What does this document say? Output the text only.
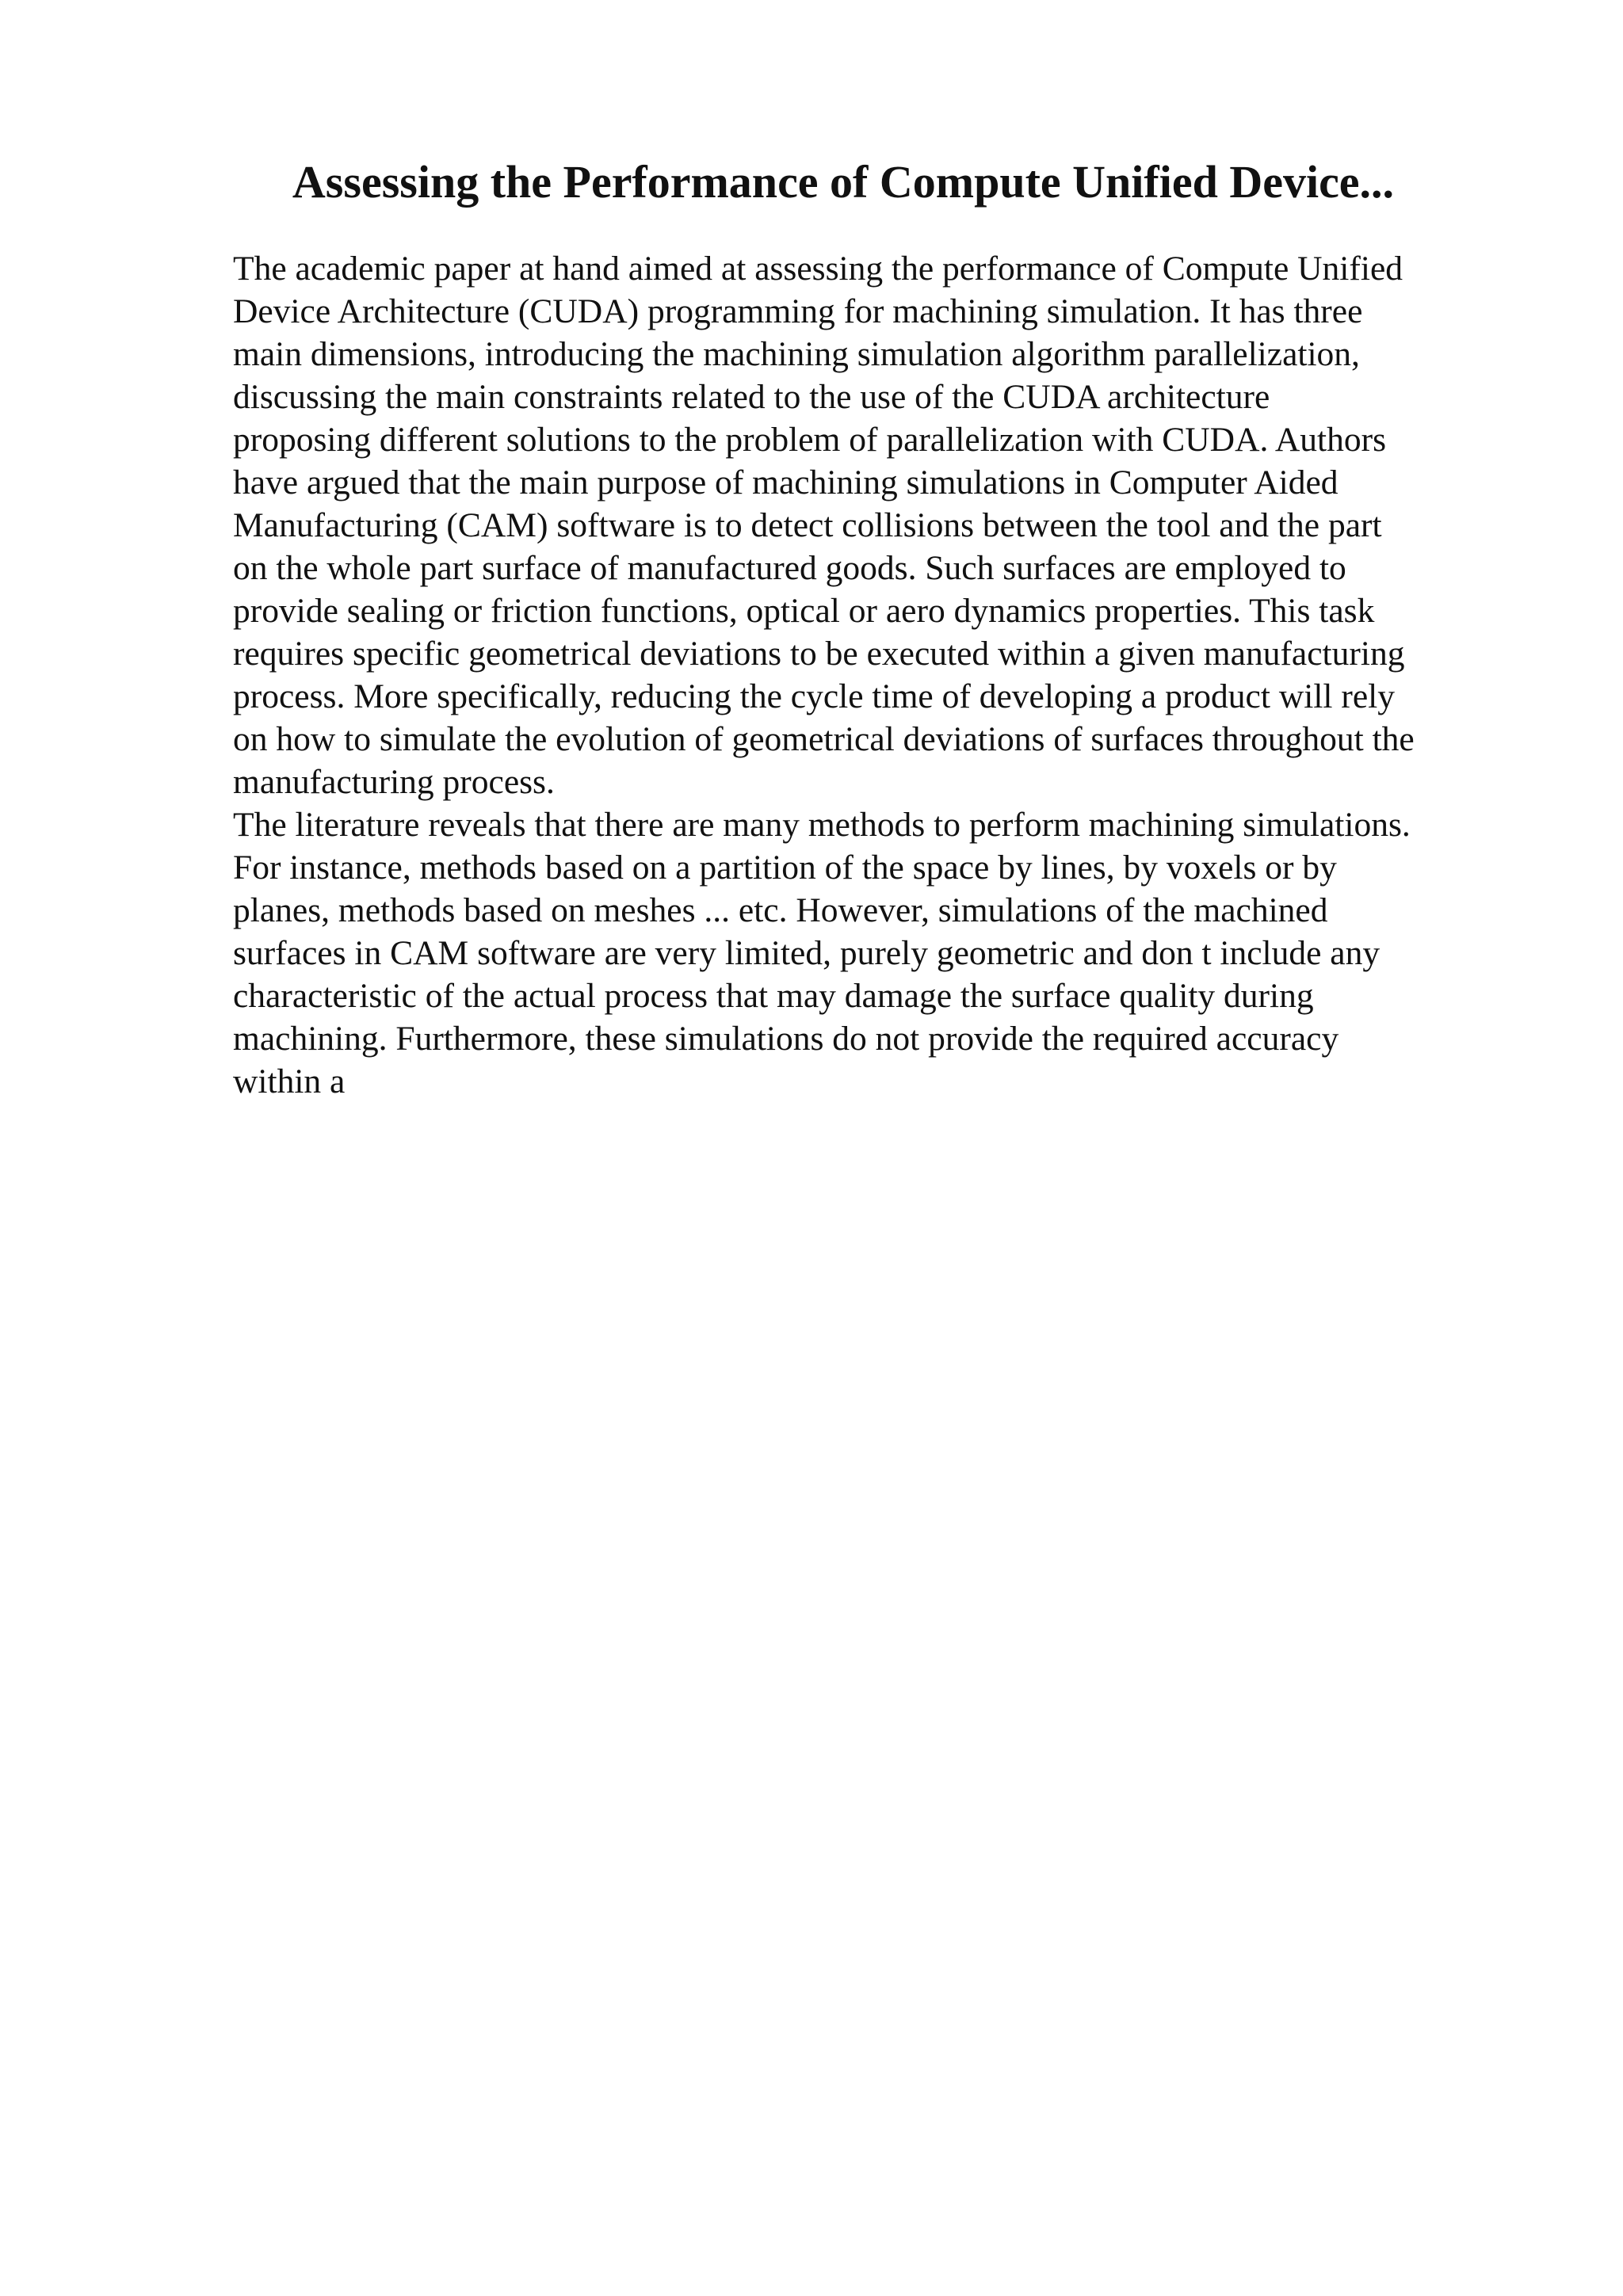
Assessing the Performance of Compute Unified Device...
The academic paper at hand aimed at assessing the performance of Compute Unified
Device Architecture (CUDA) programming for machining simulation. It has three
main dimensions, introducing the machining simulation algorithm parallelization,
discussing the main constraints related to the use of the CUDA architecture
proposing different solutions to the problem of parallelization with CUDA. Authors
have argued that the main purpose of machining simulations in Computer Aided
Manufacturing (CAM) software is to detect collisions between the tool and the part
on the whole part surface of manufactured goods. Such surfaces are employed to
provide sealing or friction functions, optical or aero dynamics properties. This task
requires specific geometrical deviations to be executed within a given manufacturing
process. More specifically, reducing the cycle time of developing a product will rely
on how to simulate the evolution of geometrical deviations of surfaces throughout the
manufacturing process.
The literature reveals that there are many methods to perform machining simulations.
For instance, methods based on a partition of the space by lines, by voxels or by
planes, methods based on meshes ... etc. However, simulations of the machined
surfaces in CAM software are very limited, purely geometric and don t include any
characteristic of the actual process that may damage the surface quality during
machining. Furthermore, these simulations do not provide the required accuracy
within a
